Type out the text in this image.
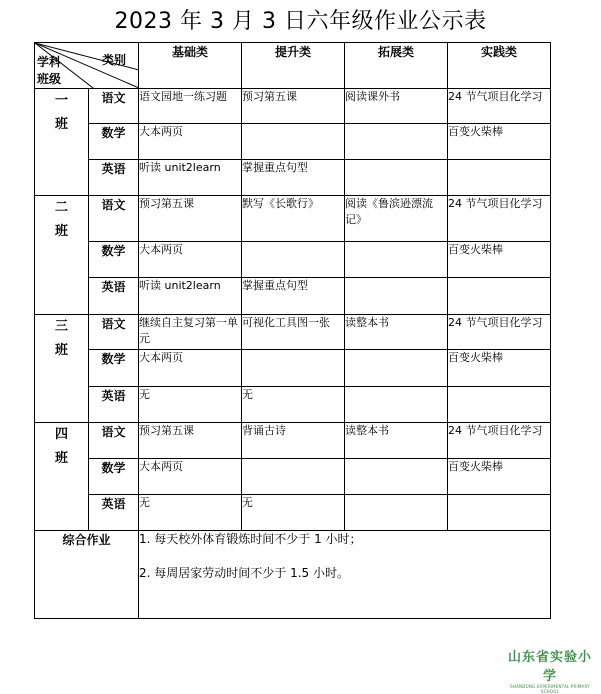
2023 年 3 月 3 日六年级作业公示表
类别
学科
班级		基础类	提升类	拓展类	实践类

一班	语文	语文园地一练习题	预习第五课	阅读课外书	24 节气项目化学习
	数学	大本两页			百变火柴棒
	英语	听读 unit2learn	掌握重点句型		

二班	语文	预习第五课	默写《长歌行》	阅读《鲁滨逊漂流记》	24 节气项目化学习
	数学	大本两页			百变火柴棒
	英语	听读 unit2learn	掌握重点句型		

三班	语文	继续自主复习第一单元	可视化工具图一张	读整本书	24 节气项目化学习
	数学	大本两页			百变火柴棒
	英语	无	无		

四班	语文	预习第五课	背诵古诗	读整本书	24 节气项目化学习
	数学	大本两页			百变火柴棒
	英语	无	无		
综合作业		1. 每天校外体育锻炼时间不少于 1 小时；

2. 每周居家劳动时间不少于 1.5 小时。			

山东省实验小学
SHANDONG EXPERIMENTAL PRIMARY SCHOOL
